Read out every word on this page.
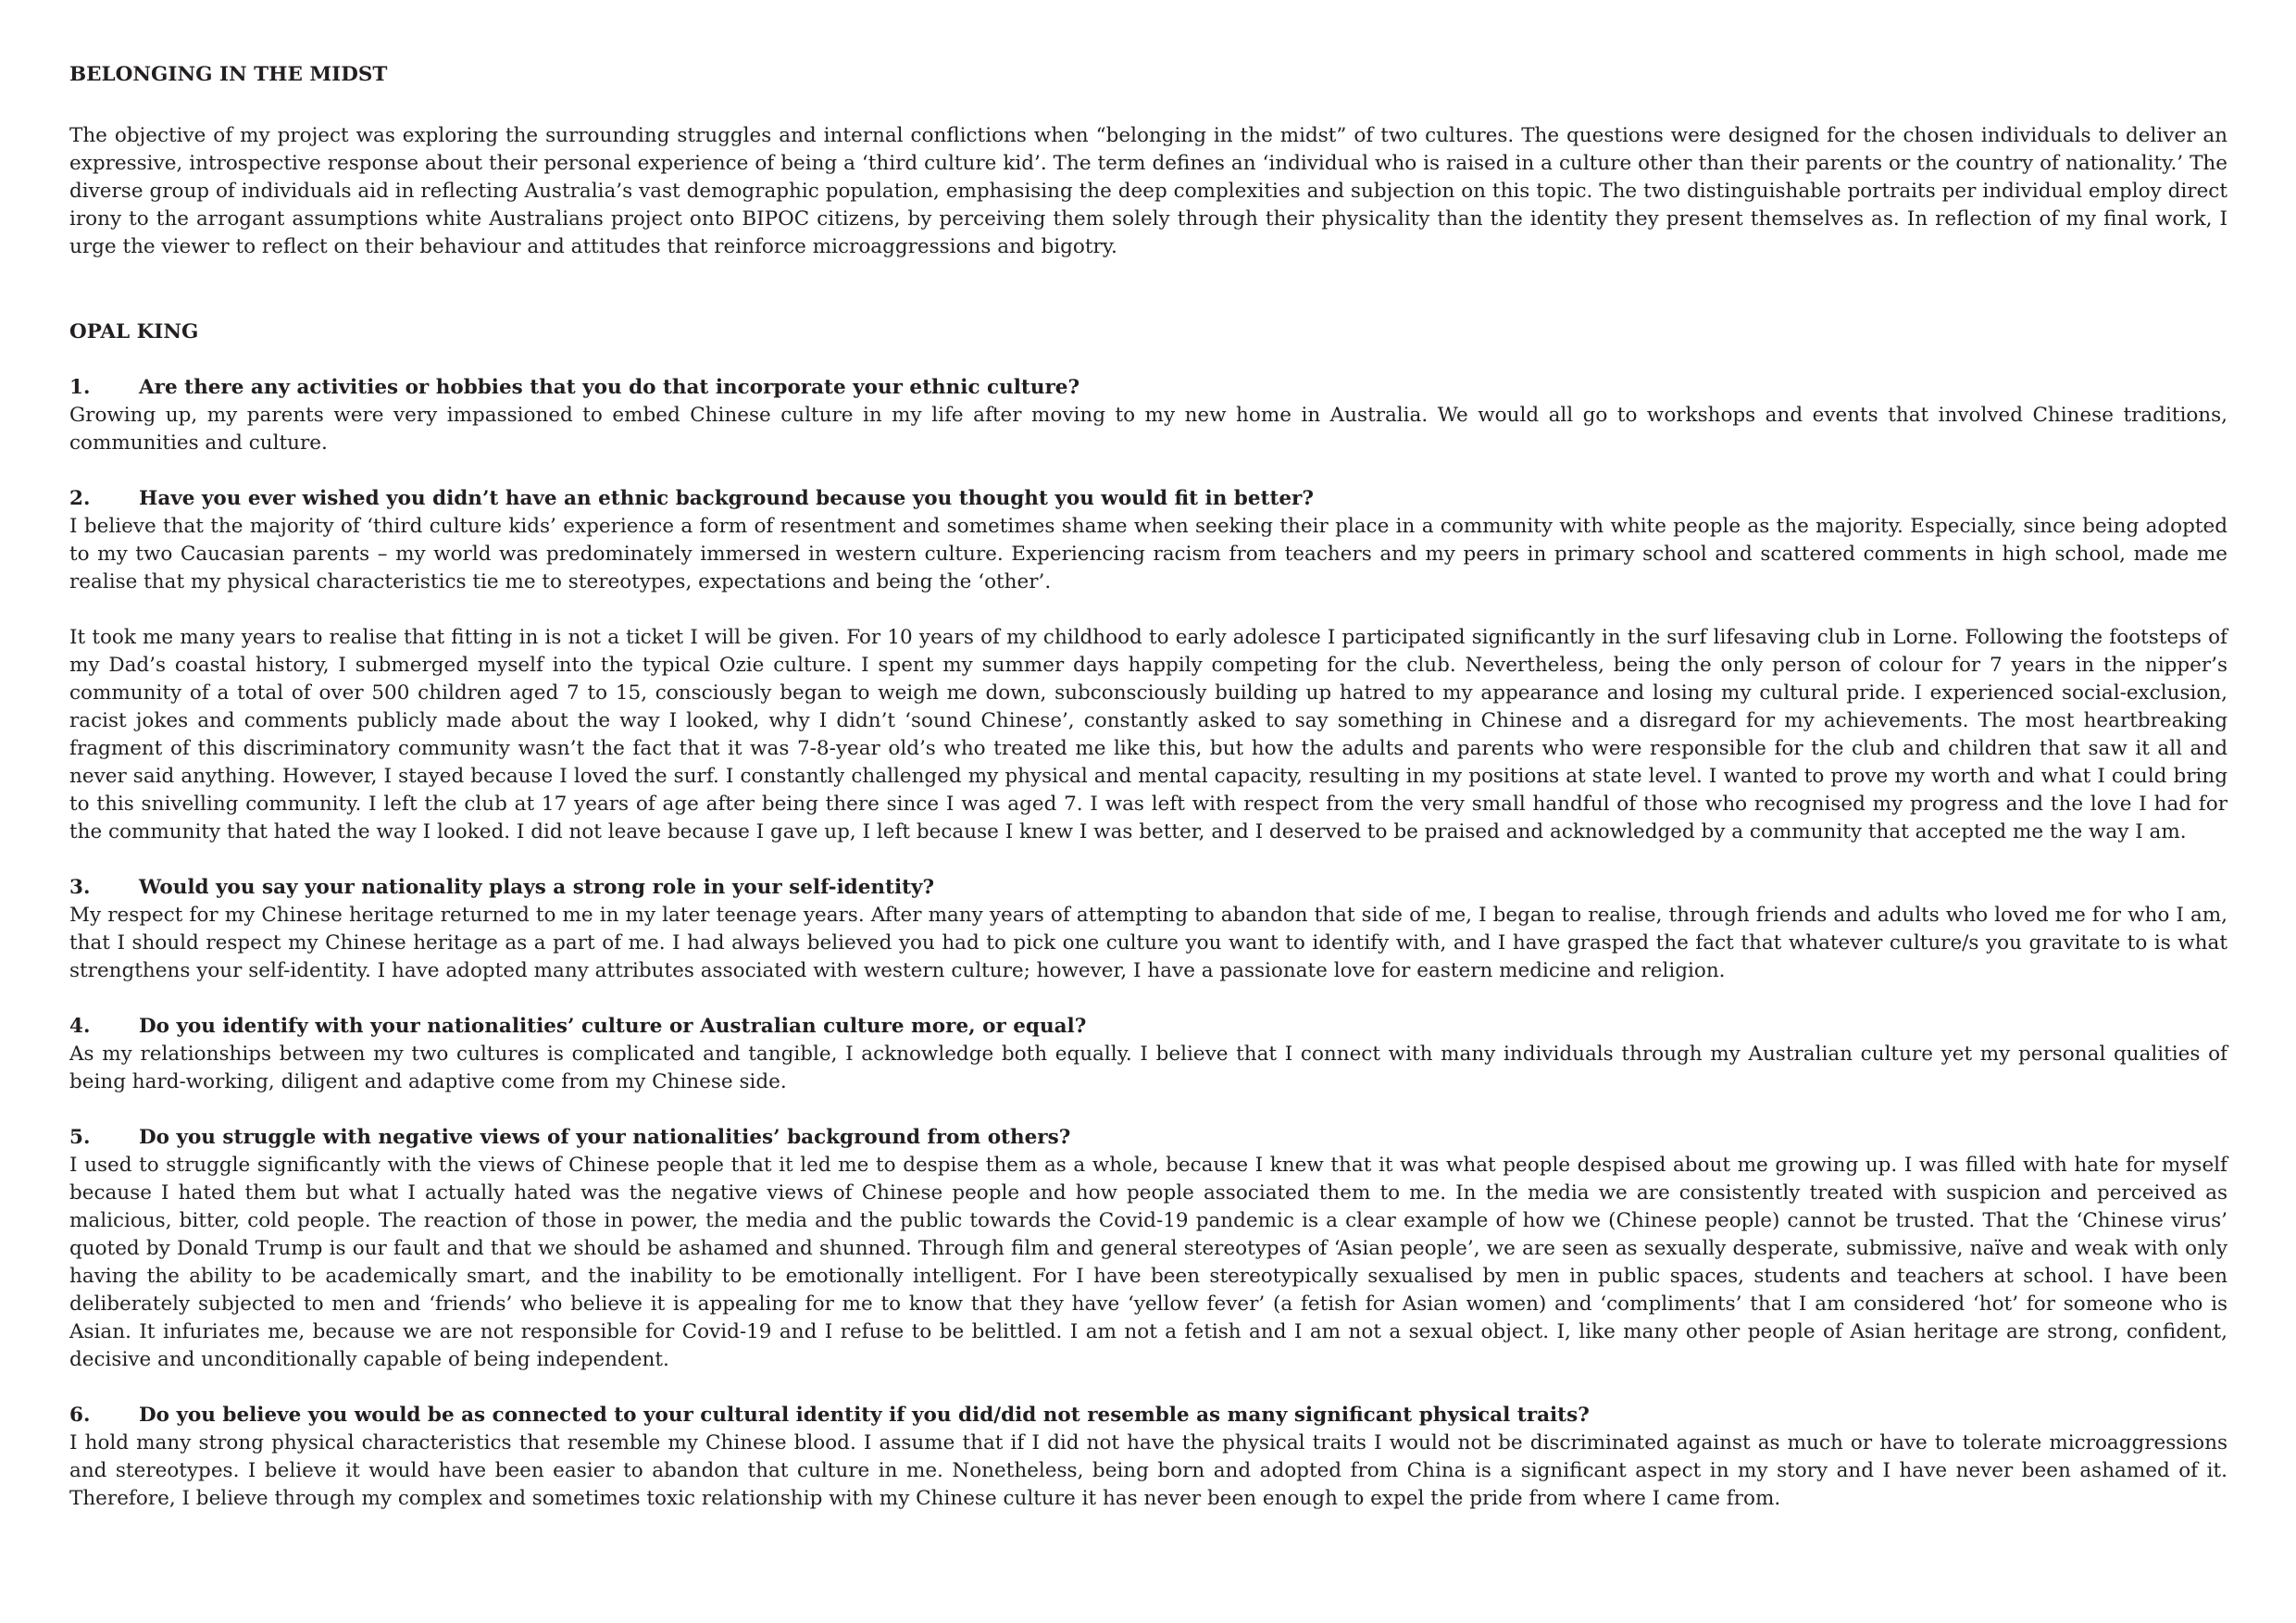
BELONGING IN THE MIDST

The objective of my project was exploring the surrounding struggles and internal conflictions when “belonging in the midst” of two cultures. The questions were designed for the chosen individuals to deliver an expressive, introspective response about their personal experience of being a ‘third culture kid’. The term defines an ‘individual who is raised in a culture other than their parents or the country of nationality.’ The diverse group of individuals aid in reflecting Australia’s vast demographic population, emphasising the deep complexities and subjection on this topic. The two distinguishable portraits per individual employ direct irony to the arrogant assumptions white Australians project onto BIPOC citizens, by perceiving them solely through their physicality than the identity they present themselves as. In reflection of my final work, I urge the viewer to reflect on their behaviour and attitudes that reinforce microaggressions and bigotry.

OPAL KING
1.	Are there any activities or hobbies that you do that incorporate your ethnic culture?

Growing up, my parents were very impassioned to embed Chinese culture in my life after moving to my new home in Australia. We would all go to workshops and events that involved Chinese traditions, communities and culture.

2.	Have you ever wished you didn’t have an ethnic background because you thought you would fit in better?

I believe that the majority of ‘third culture kids’ experience a form of resentment and sometimes shame when seeking their place in a community with white people as the majority. Especially, since being adopted to my two Caucasian parents – my world was predominately immersed in western culture. Experiencing racism from teachers and my peers in primary school and scattered comments in high school, made me realise that my physical characteristics tie me to stereotypes, expectations and being the ‘other’.

It took me many years to realise that fitting in is not a ticket I will be given. For 10 years of my childhood to early adolesce I participated significantly in the surf lifesaving club in Lorne. Following the footsteps of my Dad’s coastal history, I submerged myself into the typical Ozie culture. I spent my summer days happily competing for the club. Nevertheless, being the only person of colour for 7 years in the nipper’s community of a total of over 500 children aged 7 to 15, consciously began to weigh me down, subconsciously building up hatred to my appearance and losing my cultural pride. I experienced social-exclusion, racist jokes and comments publicly made about the way I looked, why I didn’t ‘sound Chinese’, constantly asked to say something in Chinese and a disregard for my achievements. The most heartbreaking fragment of this discriminatory community wasn’t the fact that it was 7-8-year old’s who treated me like this, but how the adults and parents who were responsible for the club and children that saw it all and never said anything. However, I stayed because I loved the surf. I constantly challenged my physical and mental capacity, resulting in my positions at state level. I wanted to prove my worth and what I could bring to this snivelling community. I left the club at 17 years of age after being there since I was aged 7. I was left with respect from the very small handful of those who recognised my progress and the love I had for the community that hated the way I looked. I did not leave because I gave up, I left because I knew I was better, and I deserved to be praised and acknowledged by a community that accepted me the way I am.

3.	Would you say your nationality plays a strong role in your self-identity?

My respect for my Chinese heritage returned to me in my later teenage years. After many years of attempting to abandon that side of me, I began to realise, through friends and adults who loved me for who I am, that I should respect my Chinese heritage as a part of me. I had always believed you had to pick one culture you want to identify with, and I have grasped the fact that whatever culture/s you gravitate to is what strengthens your self-identity. I have adopted many attributes associated with western culture; however, I have a passionate love for eastern medicine and religion.

4.	Do you identify with your nationalities’ culture or Australian culture more, or equal?

As my relationships between my two cultures is complicated and tangible, I acknowledge both equally. I believe that I connect with many individuals through my Australian culture yet my personal qualities of being hard-working, diligent and adaptive come from my Chinese side.

5.	Do you struggle with negative views of your nationalities’ background from others?

I used to struggle significantly with the views of Chinese people that it led me to despise them as a whole, because I knew that it was what people despised about me growing up. I was filled with hate for myself because I hated them but what I actually hated was the negative views of Chinese people and how people associated them to me. In the media we are consistently treated with suspicion and perceived as malicious, bitter, cold people. The reaction of those in power, the media and the public towards the Covid-19 pandemic is a clear example of how we (Chinese people) cannot be trusted. That the ‘Chinese virus’ quoted by Donald Trump is our fault and that we should be ashamed and shunned. Through film and general stereotypes of ‘Asian people’, we are seen as sexually desperate, submissive, naïve and weak with only having the ability to be academically smart, and the inability to be emotionally intelligent. For I have been stereotypically sexualised by men in public spaces, students and teachers at school. I have been deliberately subjected to men and ‘friends’ who believe it is appealing for me to know that they have ‘yellow fever’ (a fetish for Asian women) and ‘compliments’ that I am considered ‘hot’ for someone who is Asian. It infuriates me, because we are not responsible for Covid-19 and I refuse to be belittled. I am not a fetish and I am not a sexual object. I, like many other people of Asian heritage are strong, confident, decisive and unconditionally capable of being independent.

6.	Do you believe you would be as connected to your cultural identity if you did/did not resemble as many significant physical traits?

I hold many strong physical characteristics that resemble my Chinese blood. I assume that if I did not have the physical traits I would not be discriminated against as much or have to tolerate microaggressions and stereotypes. I believe it would have been easier to abandon that culture in me. Nonetheless, being born and adopted from China is a significant aspect in my story and I have never been ashamed of it. Therefore, I believe through my complex and sometimes toxic relationship with my Chinese culture it has never been enough to expel the pride from where I came from.
